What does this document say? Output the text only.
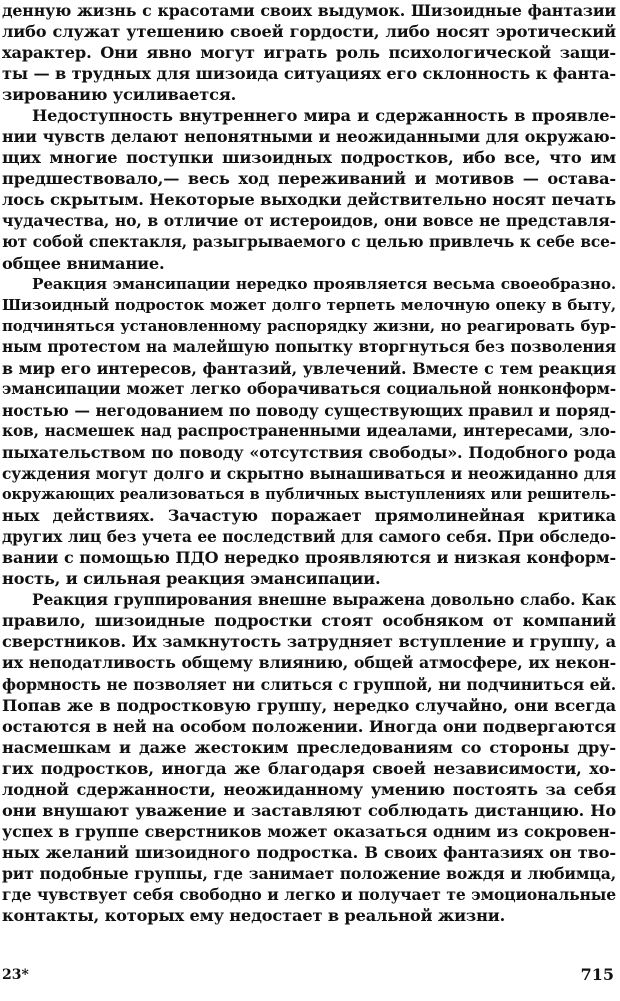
денную жизнь с красотами своих выдумок. Шизоидные фантазии
либо служат утешению своей гордости, либо носят эротический
характер. Они явно могут играть роль психологической защи-
ты — в трудных для шизоида ситуациях его склонность к фанта-
зированию усиливается.
Недоступность внутреннего мира и сдержанность в проявле-
нии чувств делают непонятными и неожиданными для окружаю-
щих многие поступки шизоидных подростков, ибо все, что им
предшествовало,— весь ход переживаний и мотивов — остава-
лось скрытым. Некоторые выходки действительно носят печать
чудачества, но, в отличие от истероидов, они вовсе не представля-
ют собой спектакля, разыгрываемого с целью привлечь к себе все-
общее внимание.
Реакция эмансипации нередко проявляется весьма своеобразно.
Шизоидный подросток может долго терпеть мелочную опеку в быту,
подчиняться установленному распорядку жизни, но реагировать бур-
ным протестом на малейшую попытку вторгнуться без позволения
в мир его интересов, фантазий, увлечений. Вместе с тем реакция
эмансипации может легко оборачиваться социальной нонконформ-
ностью — негодованием по поводу существующих правил и поряд-
ков, насмешек над распространенными идеалами, интересами, зло-
пыхательством по поводу «отсутствия свободы». Подобного рода
суждения могут долго и скрытно вынашиваться и неожиданно для
окружающих реализоваться в публичных выступлениях или решитель-
ных действиях. Зачастую поражает прямолинейная критика
других лиц без учета ее последствий для самого себя. При обследо-
вании с помощью ПДО нередко проявляются и низкая конформ-
ность, и сильная реакция эмансипации.
Реакция группирования внешне выражена довольно слабо. Как
правило, шизоидные подростки стоят особняком от компаний
сверстников. Их замкнутость затрудняет вступление и группу, а
их неподатливость общему влиянию, общей атмосфере, их некон-
формность не позволяет ни слиться с группой, ни подчиниться ей.
Попав же в подростковую группу, нередко случайно, они всегда
остаются в ней на особом положении. Иногда они подвергаются
насмешкам и даже жестоким преследованиям со стороны дру-
гих подростков, иногда же благодаря своей независимости, хо-
лодной сдержанности, неожиданному умению постоять за себя
они внушают уважение и заставляют соблюдать дистанцию. Но
успех в группе сверстников может оказаться одним из сокровен-
ных желаний шизоидного подростка. В своих фантазиях он тво-
рит подобные группы, где занимает положение вождя и любимца,
где чувствует себя свободно и легко и получает те эмоциональные
контакты, которых ему недостает в реальной жизни.
23*	715
